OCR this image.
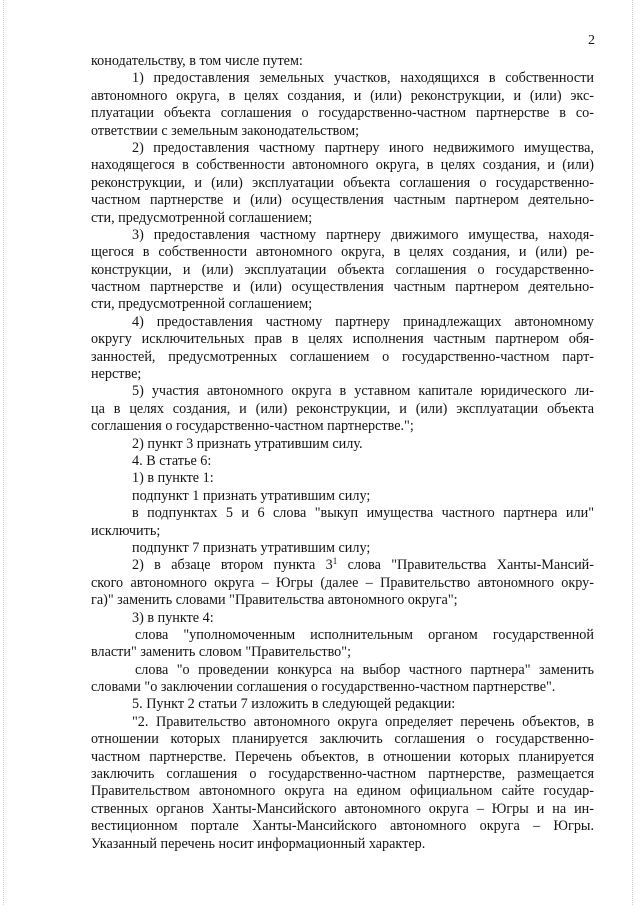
2
конодательству, в том числе путем:
1) предоставления земельных участков, находящихся в собственности
автономного округа, в целях создания, и (или) реконструкции, и (или) экс-
плуатации объекта соглашения о государственно-частном партнерстве в со-
ответствии с земельным законодательством;
2) предоставления частному партнеру иного недвижимого имущества,
находящегося в собственности автономного округа, в целях создания, и (или)
реконструкции, и (или) эксплуатации объекта соглашения о государственно-
частном партнерстве и (или) осуществления частным партнером деятельно-
сти, предусмотренной соглашением;
3) предоставления частному партнеру движимого имущества, находя-
щегося в собственности автономного округа, в целях создания, и (или) ре-
конструкции, и (или) эксплуатации объекта соглашения о государственно-
частном партнерстве и (или) осуществления частным партнером деятельно-
сти, предусмотренной соглашением;
4) предоставления частному партнеру принадлежащих автономному
округу исключительных прав в целях исполнения частным партнером обя-
занностей, предусмотренных соглашением о государственно-частном парт-
нерстве;
5) участия автономного округа в уставном капитале юридического ли-
ца в целях создания, и (или) реконструкции, и (или) эксплуатации объекта
соглашения о государственно-частном партнерстве.";
2) пункт 3 признать утратившим силу.
4. В статье 6:
1) в пункте 1:
подпункт 1 признать утратившим силу;
в подпунктах 5 и 6 слова "выкуп имущества частного партнера или"
исключить;
подпункт 7 признать утратившим силу;
2) в абзаце втором пункта $3^1$ слова "Правительства Ханты-Мансий-
ского автономного округа – Югры (далее – Правительство автономного окру-
га)" заменить словами "Правительства автономного округа";
3) в пункте 4:
слова "уполномоченным исполнительным органом государственной
власти" заменить словом "Правительство";
слова "о проведении конкурса на выбор частного партнера" заменить
словами "о заключении соглашения о государственно-частном партнерстве".
5. Пункт 2 статьи 7 изложить в следующей редакции:
"2. Правительство автономного округа определяет перечень объектов, в
отношении которых планируется заключить соглашения о государственно-
частном партнерстве. Перечень объектов, в отношении которых планируется
заключить соглашения о государственно-частном партнерстве, размещается
Правительством автономного округа на едином официальном сайте государ-
ственных органов Ханты-Мансийского автономного округа – Югры и на ин-
вестиционном портале Ханты-Мансийского автономного округа – Югры.
Указанный перечень носит информационный характер.
